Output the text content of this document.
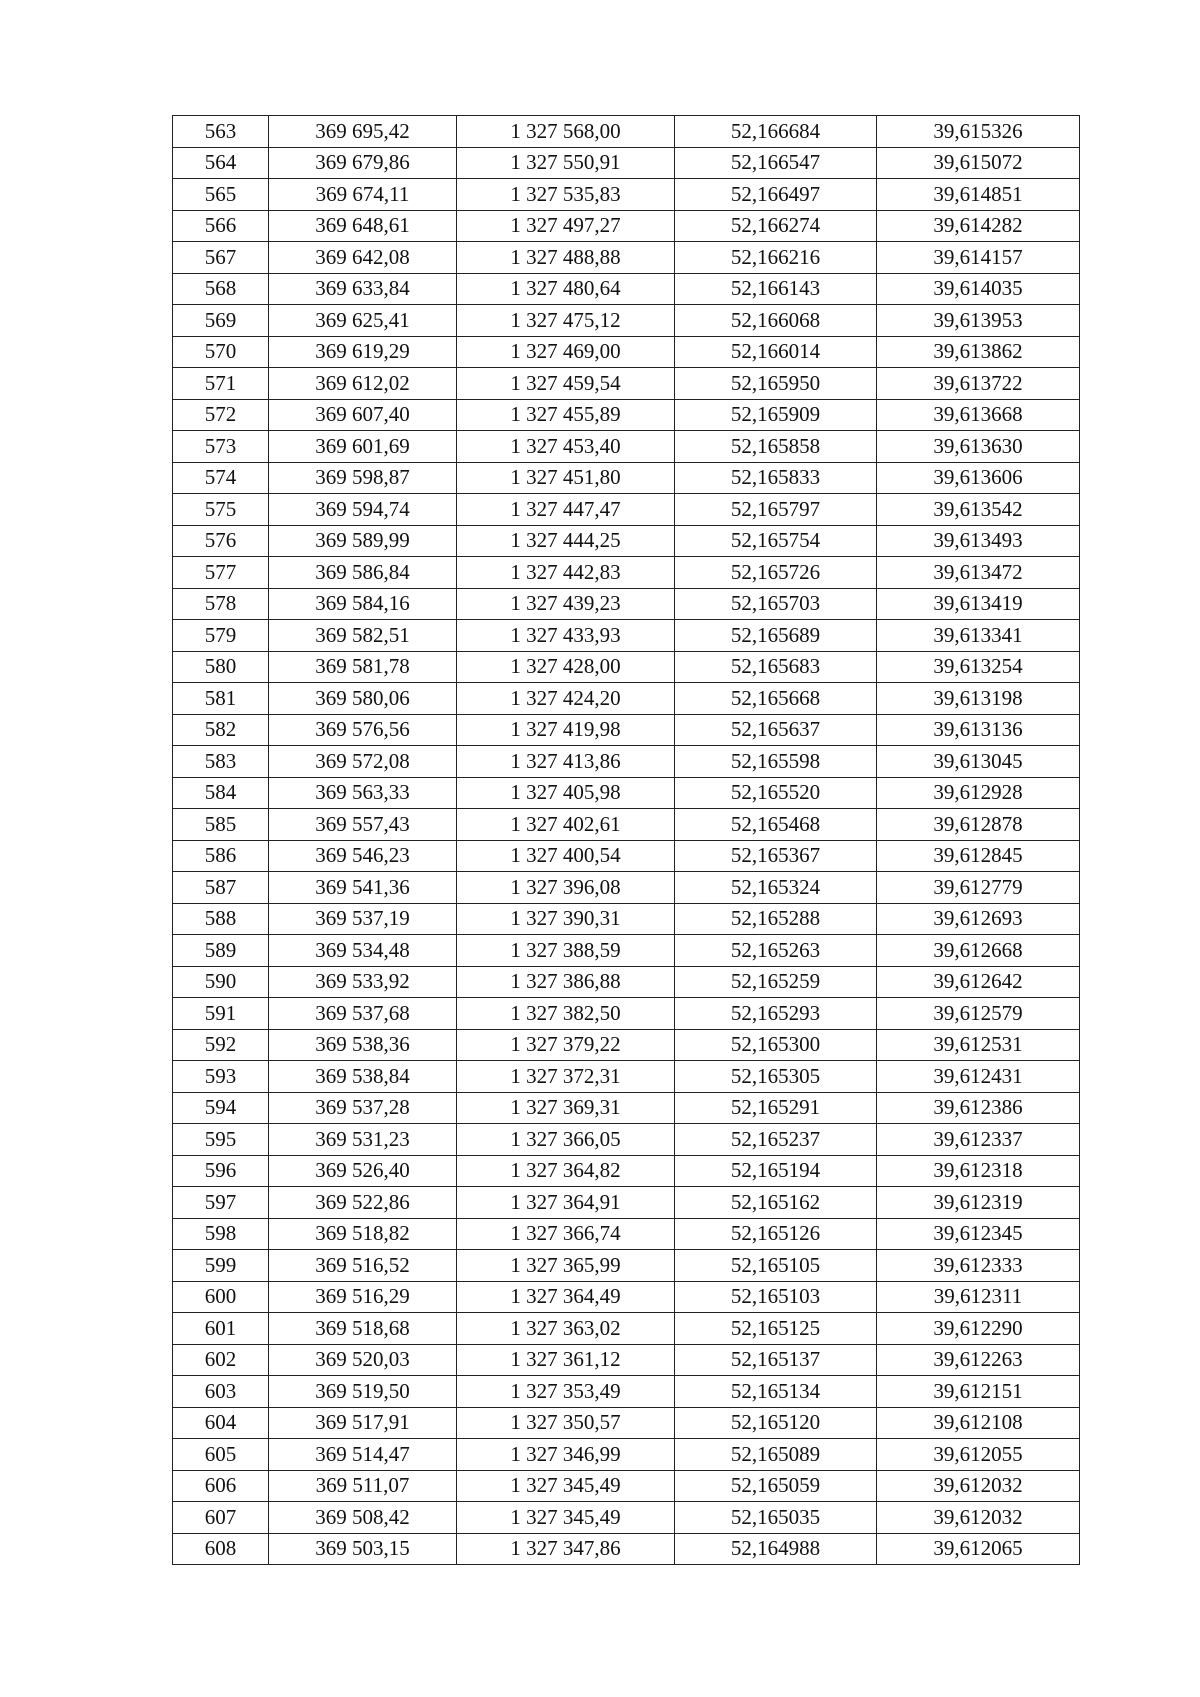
563	369 695,42	1 327 568,00	52,166684	39,615326
564	369 679,86	1 327 550,91	52,166547	39,615072
565	369 674,11	1 327 535,83	52,166497	39,614851
566	369 648,61	1 327 497,27	52,166274	39,614282
567	369 642,08	1 327 488,88	52,166216	39,614157
568	369 633,84	1 327 480,64	52,166143	39,614035
569	369 625,41	1 327 475,12	52,166068	39,613953
570	369 619,29	1 327 469,00	52,166014	39,613862
571	369 612,02	1 327 459,54	52,165950	39,613722
572	369 607,40	1 327 455,89	52,165909	39,613668
573	369 601,69	1 327 453,40	52,165858	39,613630
574	369 598,87	1 327 451,80	52,165833	39,613606
575	369 594,74	1 327 447,47	52,165797	39,613542
576	369 589,99	1 327 444,25	52,165754	39,613493
577	369 586,84	1 327 442,83	52,165726	39,613472
578	369 584,16	1 327 439,23	52,165703	39,613419
579	369 582,51	1 327 433,93	52,165689	39,613341
580	369 581,78	1 327 428,00	52,165683	39,613254
581	369 580,06	1 327 424,20	52,165668	39,613198
582	369 576,56	1 327 419,98	52,165637	39,613136
583	369 572,08	1 327 413,86	52,165598	39,613045
584	369 563,33	1 327 405,98	52,165520	39,612928
585	369 557,43	1 327 402,61	52,165468	39,612878
586	369 546,23	1 327 400,54	52,165367	39,612845
587	369 541,36	1 327 396,08	52,165324	39,612779
588	369 537,19	1 327 390,31	52,165288	39,612693
589	369 534,48	1 327 388,59	52,165263	39,612668
590	369 533,92	1 327 386,88	52,165259	39,612642
591	369 537,68	1 327 382,50	52,165293	39,612579
592	369 538,36	1 327 379,22	52,165300	39,612531
593	369 538,84	1 327 372,31	52,165305	39,612431
594	369 537,28	1 327 369,31	52,165291	39,612386
595	369 531,23	1 327 366,05	52,165237	39,612337
596	369 526,40	1 327 364,82	52,165194	39,612318
597	369 522,86	1 327 364,91	52,165162	39,612319
598	369 518,82	1 327 366,74	52,165126	39,612345
599	369 516,52	1 327 365,99	52,165105	39,612333
600	369 516,29	1 327 364,49	52,165103	39,612311
601	369 518,68	1 327 363,02	52,165125	39,612290
602	369 520,03	1 327 361,12	52,165137	39,612263
603	369 519,50	1 327 353,49	52,165134	39,612151
604	369 517,91	1 327 350,57	52,165120	39,612108
605	369 514,47	1 327 346,99	52,165089	39,612055
606	369 511,07	1 327 345,49	52,165059	39,612032
607	369 508,42	1 327 345,49	52,165035	39,612032
608	369 503,15	1 327 347,86	52,164988	39,612065
